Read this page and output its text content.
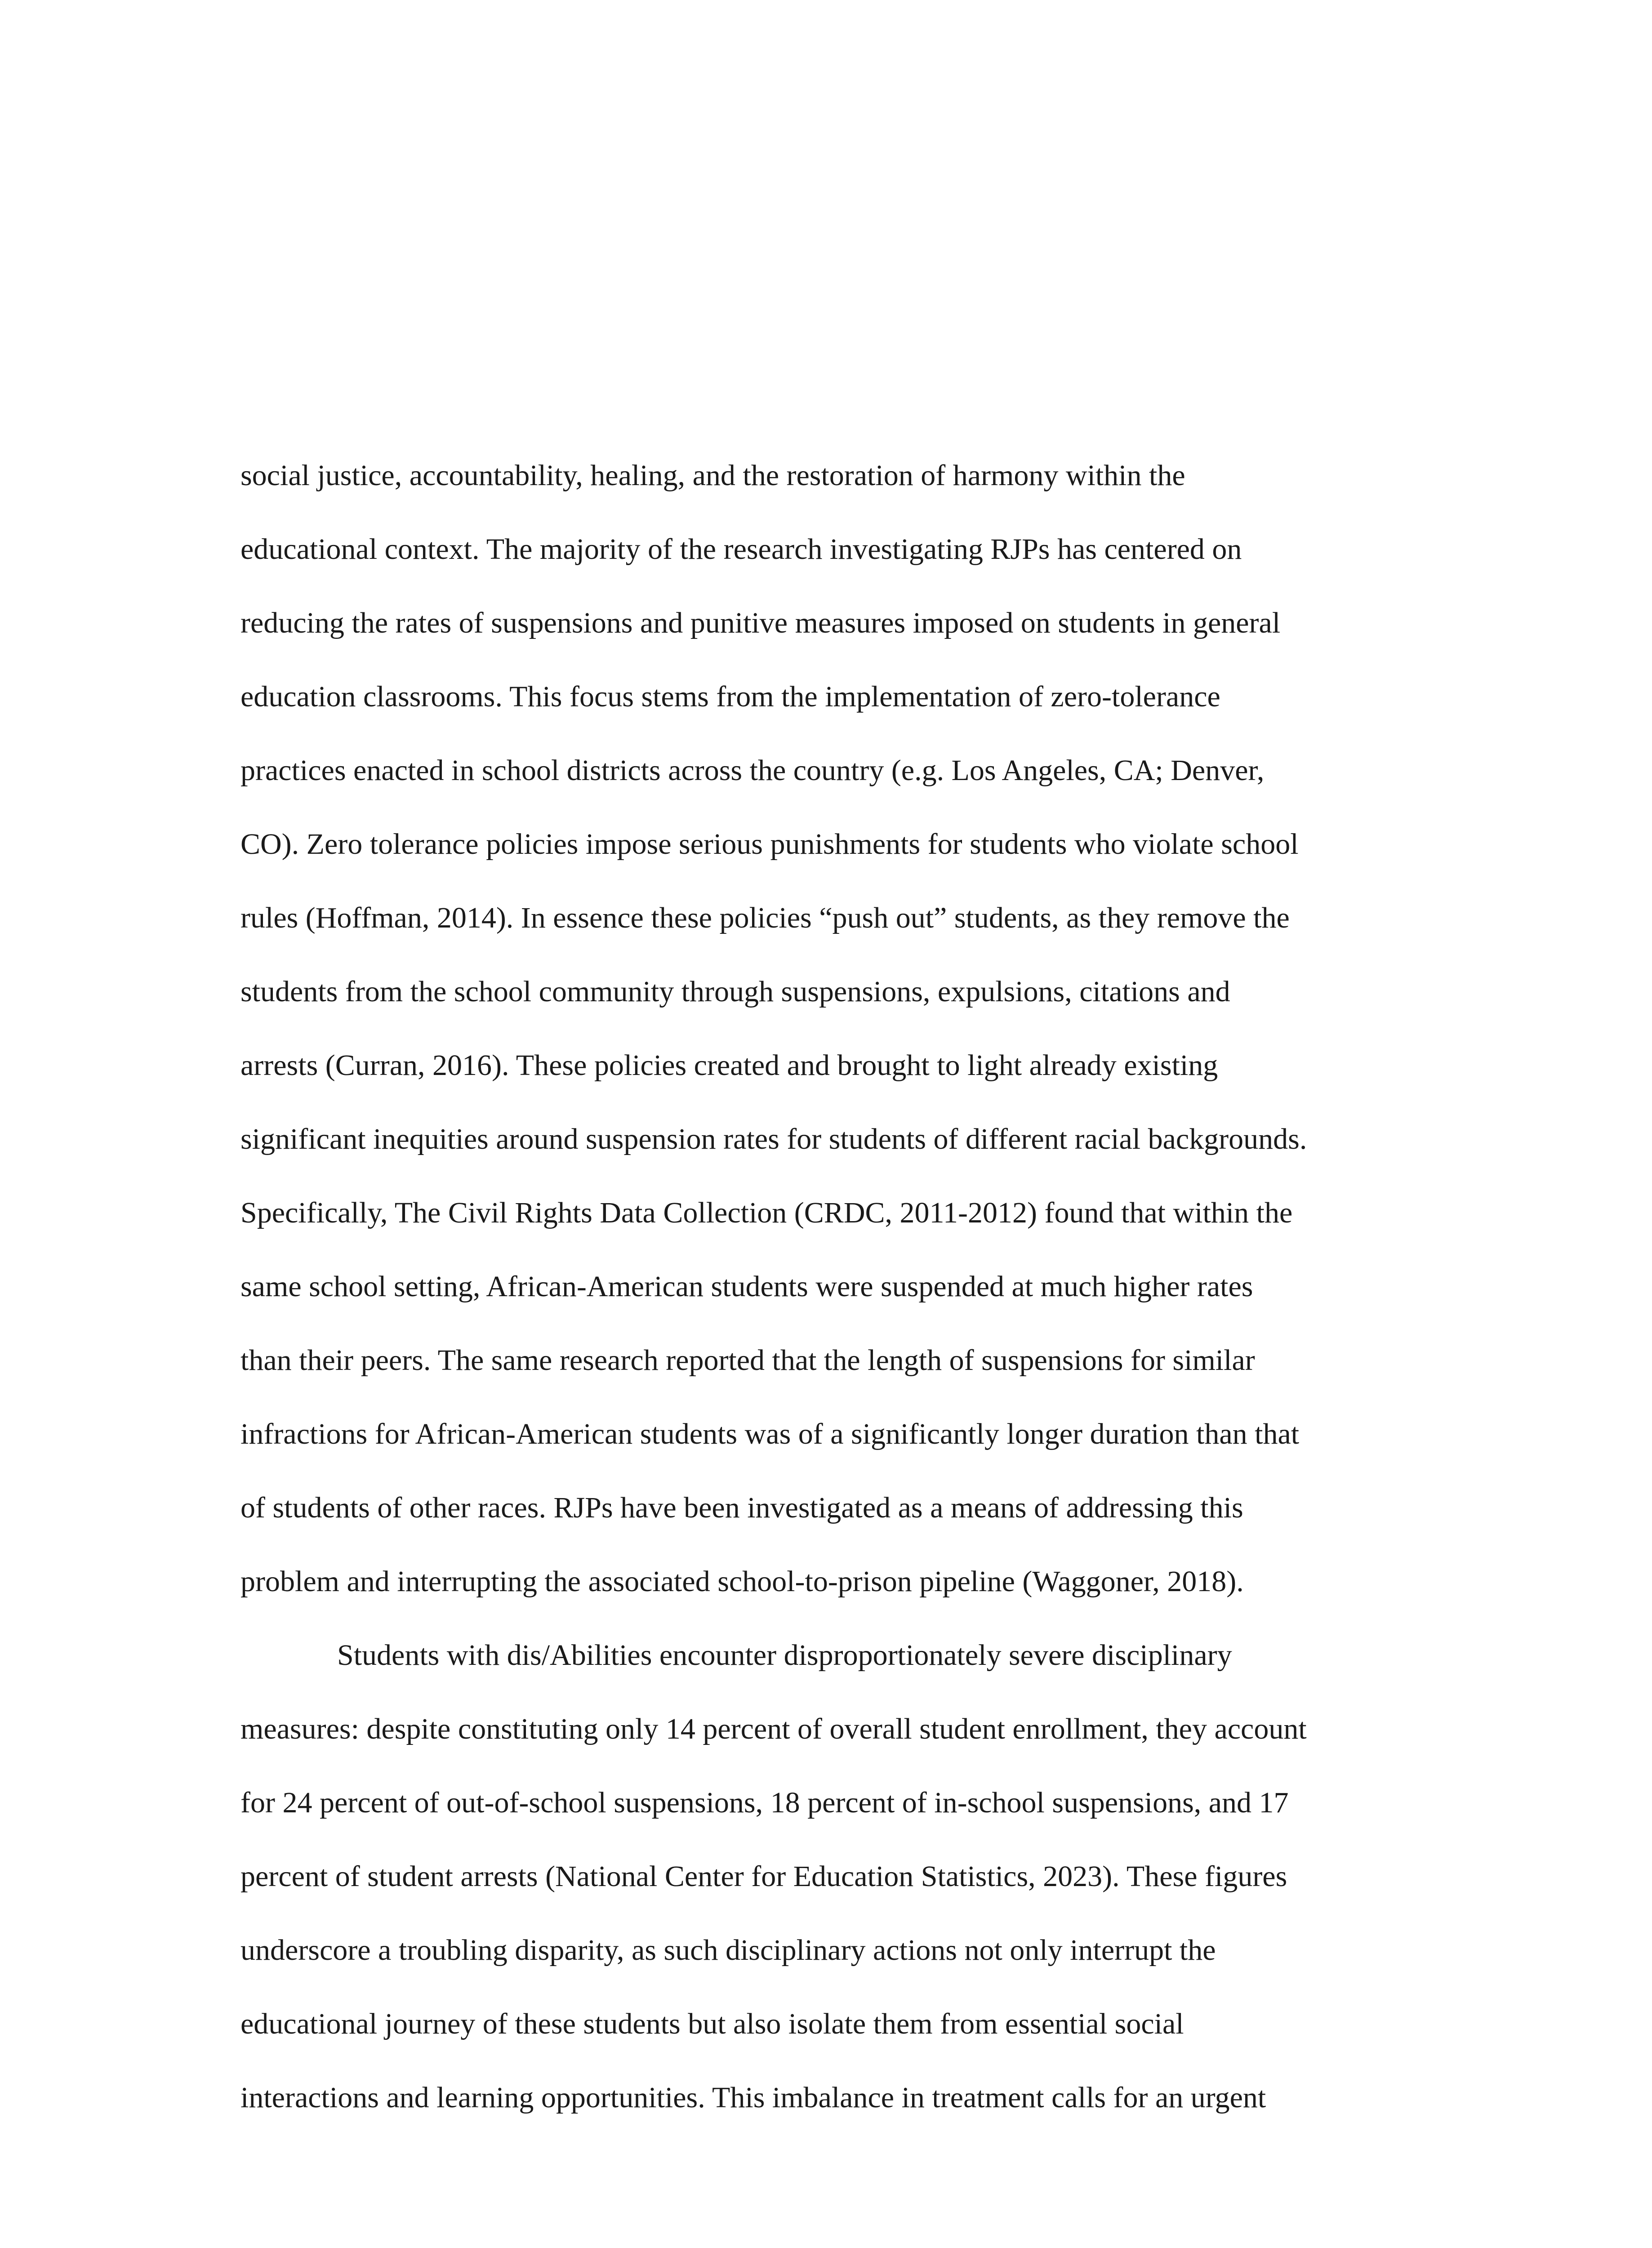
social justice, accountability, healing, and the restoration of harmony within the
educational context. The majority of the research investigating RJPs has centered on
reducing the rates of suspensions and punitive measures imposed on students in general
education classrooms. This focus stems from the implementation of zero-tolerance
practices enacted in school districts across the country (e.g. Los Angeles, CA; Denver,
CO). Zero tolerance policies impose serious punishments for students who violate school
rules (Hoffman, 2014). In essence these policies “push out” students, as they remove the
students from the school community through suspensions, expulsions, citations and
arrests (Curran, 2016). These policies created and brought to light already existing
significant inequities around suspension rates for students of different racial backgrounds.
Specifically, The Civil Rights Data Collection (CRDC, 2011-2012) found that within the
same school setting, African-American students were suspended at much higher rates
than their peers. The same research reported that the length of suspensions for similar
infractions for African-American students was of a significantly longer duration than that
of students of other races. RJPs have been investigated as a means of addressing this
problem and interrupting the associated school-to-prison pipeline (Waggoner, 2018).
Students with dis/Abilities encounter disproportionately severe disciplinary
measures: despite constituting only 14 percent of overall student enrollment, they account
for 24 percent of out-of-school suspensions, 18 percent of in-school suspensions, and 17
percent of student arrests (National Center for Education Statistics, 2023). These figures
underscore a troubling disparity, as such disciplinary actions not only interrupt the
educational journey of these students but also isolate them from essential social
interactions and learning opportunities. This imbalance in treatment calls for an urgent
